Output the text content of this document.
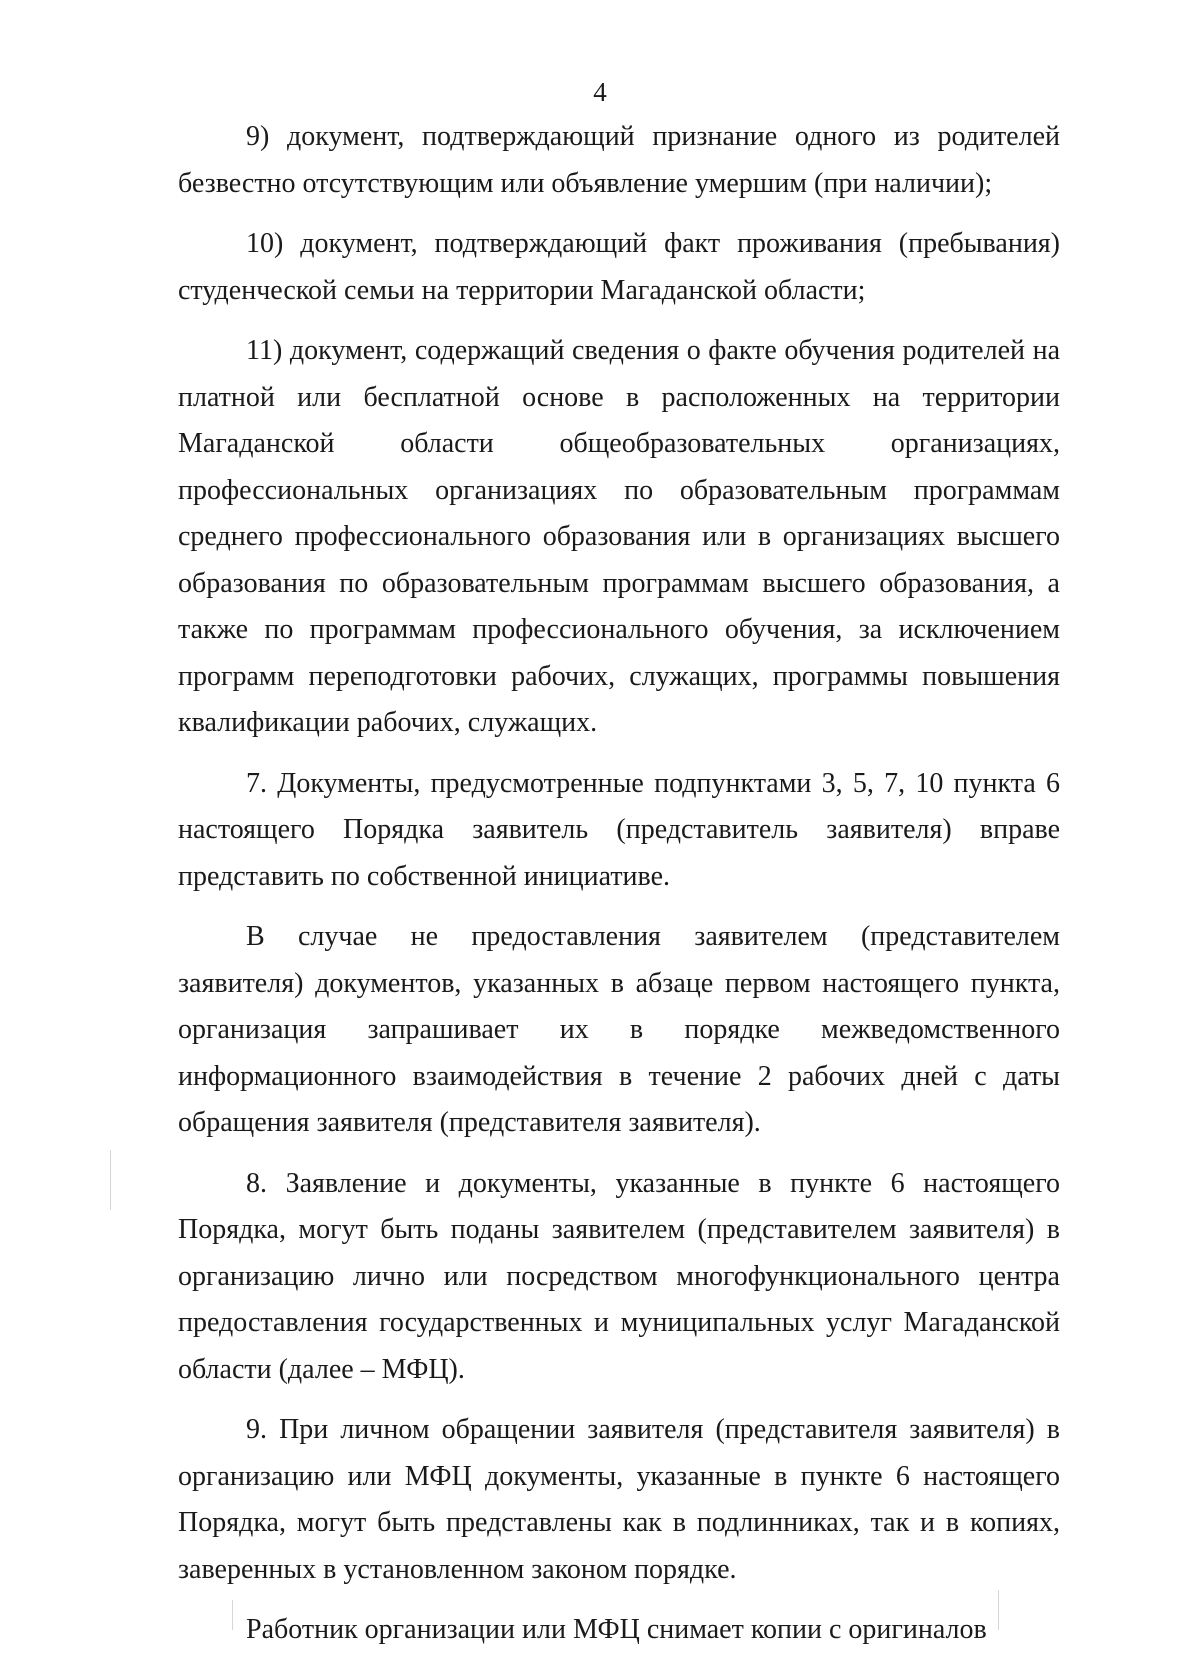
4

9) документ, подтверждающий признание одного из родителей безвестно отсутствующим или объявление умершим (при наличии);

10) документ, подтверждающий факт проживания (пребывания) студенческой семьи на территории Магаданской области;

11) документ, содержащий сведения о факте обучения родителей на платной или бесплатной основе в расположенных на территории Магаданской области общеобразовательных организациях, профессиональных организациях по образовательным программам среднего профессионального образования или в организациях высшего образования по образовательным программам высшего образования, а также по программам профессионального обучения, за исключением программ переподготовки рабочих, служащих, программы повышения квалификации рабочих, служащих.

7. Документы, предусмотренные подпунктами 3, 5, 7, 10 пункта 6 настоящего Порядка заявитель (представитель заявителя) вправе представить по собственной инициативе.

В случае не предоставления заявителем (представителем заявителя) документов, указанных в абзаце первом настоящего пункта, организация запрашивает их в порядке межведомственного информационного взаимодействия в течение 2 рабочих дней с даты обращения заявителя (представителя заявителя).

8. Заявление и документы, указанные в пункте 6 настоящего Порядка, могут быть поданы заявителем (представителем заявителя) в организацию лично или посредством многофункционального центра предоставления государственных и муниципальных услуг Магаданской области (далее – МФЦ).

9. При личном обращении заявителя (представителя заявителя) в организацию или МФЦ документы, указанные в пункте 6 настоящего Порядка, могут быть представлены как в подлинниках, так и в копиях, заверенных в установленном законом порядке.

Работник организации или МФЦ снимает копии с оригиналов
